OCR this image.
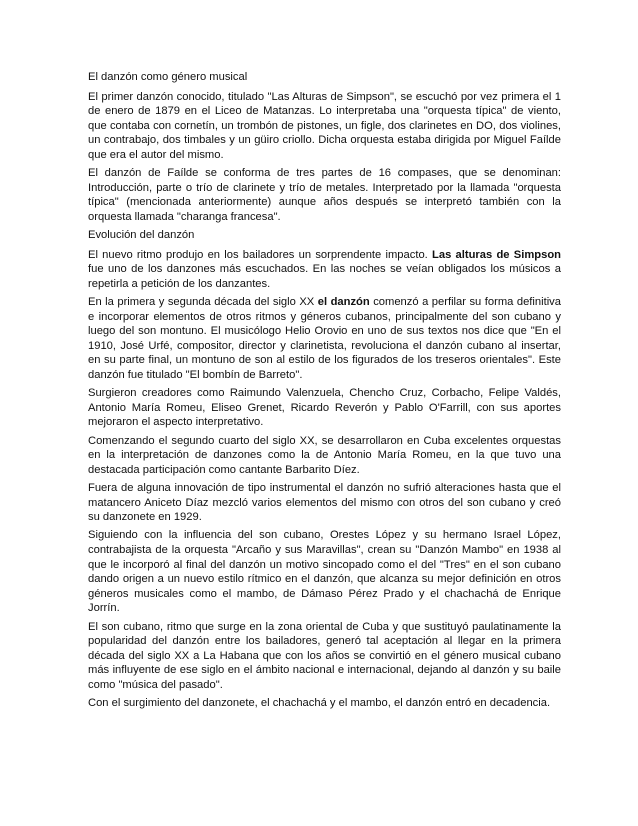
El danzón como género musical

El primer danzón conocido, titulado "Las Alturas de Simpson", se escuchó por vez primera el 1 de enero de 1879 en el Liceo de Matanzas. Lo interpretaba una "orquesta típica" de viento, que contaba con cornetín, un trombón de pistones, un figle, dos clarinetes en DO, dos violines, un contrabajo, dos timbales y un güiro criollo. Dicha orquesta estaba dirigida por Miguel Faílde que era el autor del mismo.

El danzón de Faílde se conforma de tres partes de 16 compases, que se denominan: Introducción, parte o trío de clarinete y trío de metales. Interpretado por la llamada "orquesta típica" (mencionada anteriormente) aunque años después se interpretó también con la orquesta llamada "charanga francesa".

Evolución del danzón

El nuevo ritmo produjo en los bailadores un sorprendente impacto. Las alturas de Simpson fue uno de los danzones más escuchados. En las noches se veían obligados los músicos a repetirla a petición de los danzantes.

En la primera y segunda década del siglo XX el danzón comenzó a perfilar su forma definitiva e incorporar elementos de otros ritmos y géneros cubanos, principalmente del son cubano y luego del son montuno. El musicólogo Helio Orovio en uno de sus textos nos dice que "En el 1910, José Urfé, compositor, director y clarinetista, revoluciona el danzón cubano al insertar, en su parte final, un montuno de son al estilo de los figurados de los treseros orientales". Este danzón fue titulado "El bombín de Barreto".

Surgieron creadores como Raimundo Valenzuela, Chencho Cruz, Corbacho, Felipe Valdés, Antonio María Romeu, Eliseo Grenet, Ricardo Reverón y Pablo O'Farrill, con sus aportes mejoraron el aspecto interpretativo.

Comenzando el segundo cuarto del siglo XX, se desarrollaron en Cuba excelentes orquestas en la interpretación de danzones como la de Antonio María Romeu, en la que tuvo una destacada participación como cantante Barbarito Díez.

Fuera de alguna innovación de tipo instrumental el danzón no sufrió alteraciones hasta que el matancero Aniceto Díaz mezcló varios elementos del mismo con otros del son cubano y creó su danzonete en 1929.

Siguiendo con la influencia del son cubano, Orestes López y su hermano Israel López, contrabajista de la orquesta "Arcaño y sus Maravillas", crean su "Danzón Mambo" en 1938 al que le incorporó al final del danzón un motivo sincopado como el del "Tres" en el son cubano dando origen a un nuevo estilo rítmico en el danzón, que alcanza su mejor definición en otros géneros musicales como el mambo, de Dámaso Pérez Prado y el chachachá de Enrique Jorrín.

El son cubano, ritmo que surge en la zona oriental de Cuba y que sustituyó paulatinamente la popularidad del danzón entre los bailadores, generó tal aceptación al llegar en la primera década del siglo XX a La Habana que con los años se convirtió en el género musical cubano más influyente de ese siglo en el ámbito nacional e internacional, dejando al danzón y su baile como "música del pasado".

Con el surgimiento del danzonete, el chachachá y el mambo, el danzón entró en decadencia.
